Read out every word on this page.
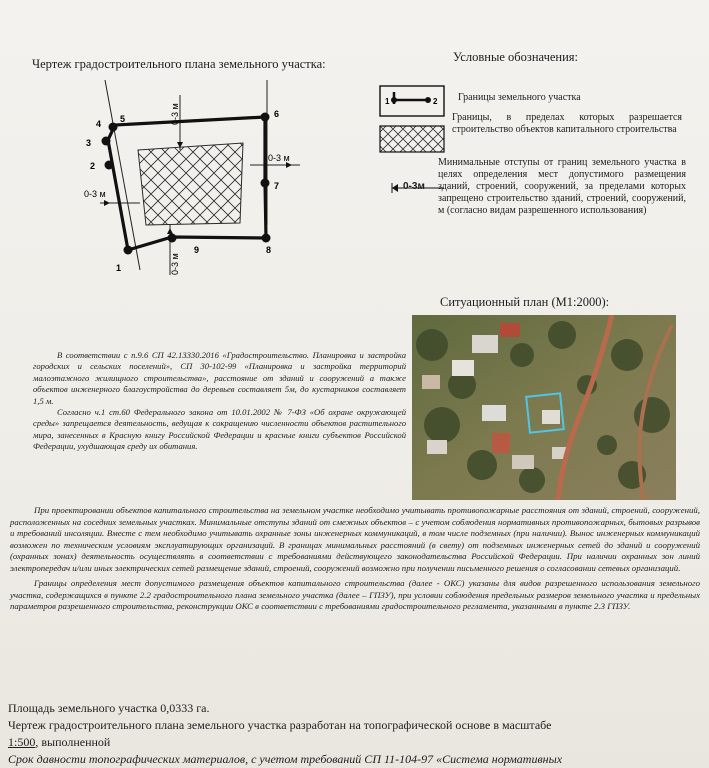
Чертеж градостроительного плана земельного участка:
1
2
3
4 5	6
7
8
9
0-3 м
0-3 м
0-3 м
0-3 м
Условные обозначения:
1	2
0-3м
Границы земельного участка
Границы, в пределах которых разрешается строительство объектов капитального строительства
Минимальные отступы от границ земельного участка в целях определения мест допустимого размещения зданий, строений, сооружений, за пределами которых запрещено строительство зданий, строений, сооружений, м (согласно видам разрешенного использования)
Ситуационный план (М1:2000):
В соответствии с п.9.6 СП 42.13330.2016 «Градостроительство. Планировка и застройка городских и сельских поселений», СП 30-102-99 «Планировка и застройка территорий малоэтажного жилищного строительства», расстояние от зданий и сооружений а также объектов инженерного благоустройства до деревьев составляет 5м, до кустарников составляет 1,5 м.
Согласно ч.1 ст.60 Федерального закона от 10.01.2002 № 7-ФЗ «Об охране окружающей среды» запрещается деятельность, ведущая к сокращению численности объектов растительного мира, занесенных в Красную книгу Российской Федерации и красные книги субъектов Российской Федерации, ухудшающая среду их обитания.
При проектировании объектов капитального строительства на земельном участке необходимо учитывать противопожарные расстояния от зданий, строений, сооружений, расположенных на соседних земельных участках. Минимальные отступы зданий от смежных объектов – с учетом соблюдения нормативных противопожарных, бытовых разрывов и требований инсоляции. Вместе с тем необходимо учитывать охранные зоны инженерных коммуникаций, в том числе подземных (при наличии). Вынос инженерных коммуникаций возможен по техническим условиям эксплуатирующих организаций. В границах минимальных расстояний (в свету) от подземных инженерных сетей до зданий и сооружений (охранных зонах) деятельность осуществлять в соответствии с требованиями действующего законодательства Российской Федерации. При наличии охранных зон линий электропередач и/или иных электрических сетей размещение зданий, строений, сооружений возможно при получении письменного решения о согласовании сетевых организаций.
Границы определения мест допустимого размещения объектов капитального строительства (далее - ОКС) указаны для видов разрешенного использования земельного участка, содержащихся в пункте 2.2 градостроительного плана земельного участка (далее – ГПЗУ), при условии соблюдения предельных размеров земельного участка и предельных параметров разрешенного строительства, реконструкции ОКС в соответствии с требованиями градостроительного регламента, указанными в пункте 2.3 ГПЗУ.
Площадь земельного участка 0,0333 га.
Чертеж градостроительного плана земельного участка разработан на топографической основе в масштабе
1:500, выполненной
Срок давности топографических материалов, с учетом требований СП 11-104-97 «Система нормативных
